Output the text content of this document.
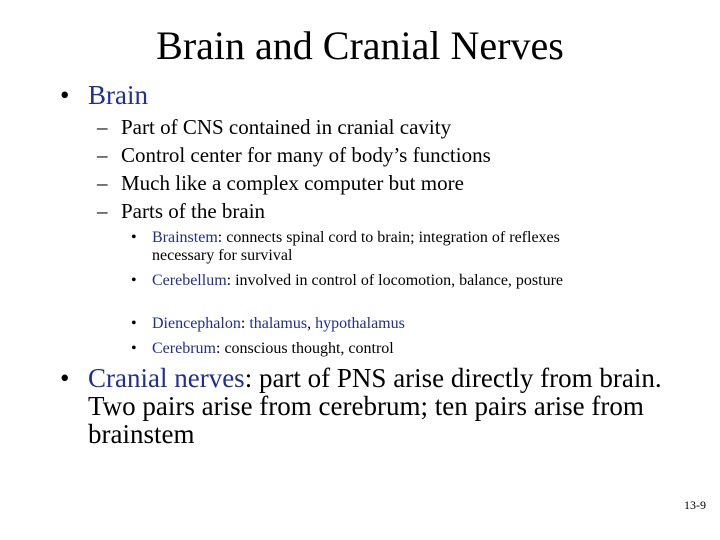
Brain and Cranial Nerves
• Brain
– Part of CNS contained in cranial cavity
– Control center for many of body’s functions
– Much like a complex computer but more
– Parts of the brain
• Brainstem: connects spinal cord to brain; integration of reflexes necessary for survival
• Cerebellum: involved in control of locomotion, balance, posture
• Diencephalon: thalamus, hypothalamus
• Cerebrum: conscious thought, control
• Cranial nerves: part of PNS arise directly from brain. Two pairs arise from cerebrum; ten pairs arise from brainstem
13-9
